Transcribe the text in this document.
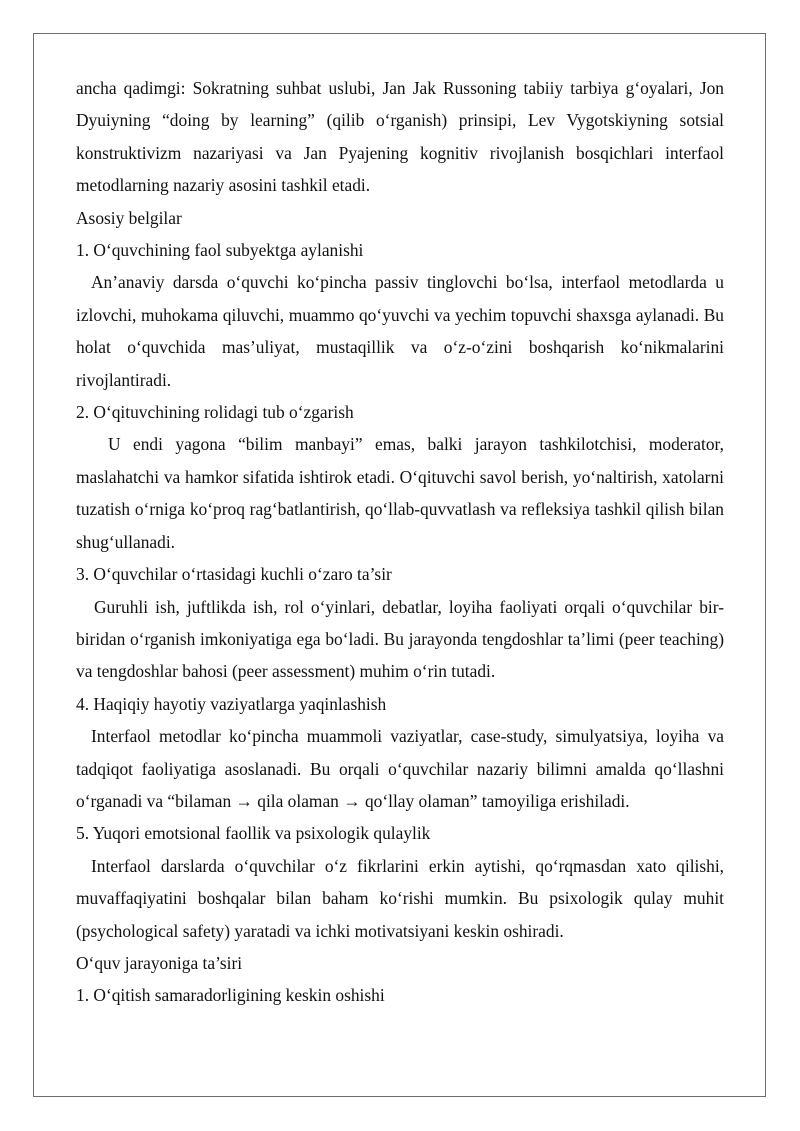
ancha qadimgi: Sokratning suhbat uslubi, Jan Jak Russoning tabiiy tarbiya g‘oyalari, Jon Dyuiyning “doing by learning” (qilib o‘rganish) prinsipi, Lev Vygotskiyning sotsial konstruktivizm nazariyasi va Jan Pyajening kognitiv rivojlanish bosqichlari interfaol metodlarning nazariy asosini tashkil etadi.

Asosiy belgilar

1. O‘quvchining faol subyektga aylanishi

An’anaviy darsda o‘quvchi ko‘pincha passiv tinglovchi bo‘lsa, interfaol metodlarda u izlovchi, muhokama qiluvchi, muammo qo‘yuvchi va yechim topuvchi shaxsga aylanadi. Bu holat o‘quvchida mas’uliyat, mustaqillik va o‘z-o‘zini boshqarish ko‘nikmalarini rivojlantiradi.

2. O‘qituvchining rolidagi tub o‘zgarish

U endi yagona “bilim manbayi” emas, balki jarayon tashkilotchisi, moderator, maslahatchi va hamkor sifatida ishtirok etadi. O‘qituvchi savol berish, yo‘naltirish, xatolarni tuzatish o‘rniga ko‘proq rag‘batlantirish, qo‘llab-quvvatlash va refleksiya tashkil qilish bilan shug‘ullanadi.

3. O‘quvchilar o‘rtasidagi kuchli o‘zaro ta’sir

Guruhli ish, juftlikda ish, rol o‘yinlari, debatlar, loyiha faoliyati orqali o‘quvchilar bir-biridan o‘rganish imkoniyatiga ega bo‘ladi. Bu jarayonda tengdoshlar ta’limi (peer teaching) va tengdoshlar bahosi (peer assessment) muhim o‘rin tutadi.

4. Haqiqiy hayotiy vaziyatlarga yaqinlashish

Interfaol metodlar ko‘pincha muammoli vaziyatlar, case-study, simulyatsiya, loyiha va tadqiqot faoliyatiga asoslanadi. Bu orqali o‘quvchilar nazariy bilimni amalda qo‘llashni o‘rganadi va “bilaman → qila olaman → qo‘llay olaman” tamoyiliga erishiladi.

5. Yuqori emotsional faollik va psixologik qulaylik

Interfaol darslarda o‘quvchilar o‘z fikrlarini erkin aytishi, qo‘rqmasdan xato qilishi, muvaffaqiyatini boshqalar bilan baham ko‘rishi mumkin. Bu psixologik qulay muhit (psychological safety) yaratadi va ichki motivatsiyani keskin oshiradi.

O‘quv jarayoniga ta’siri

1. O‘qitish samaradorligining keskin oshishi
